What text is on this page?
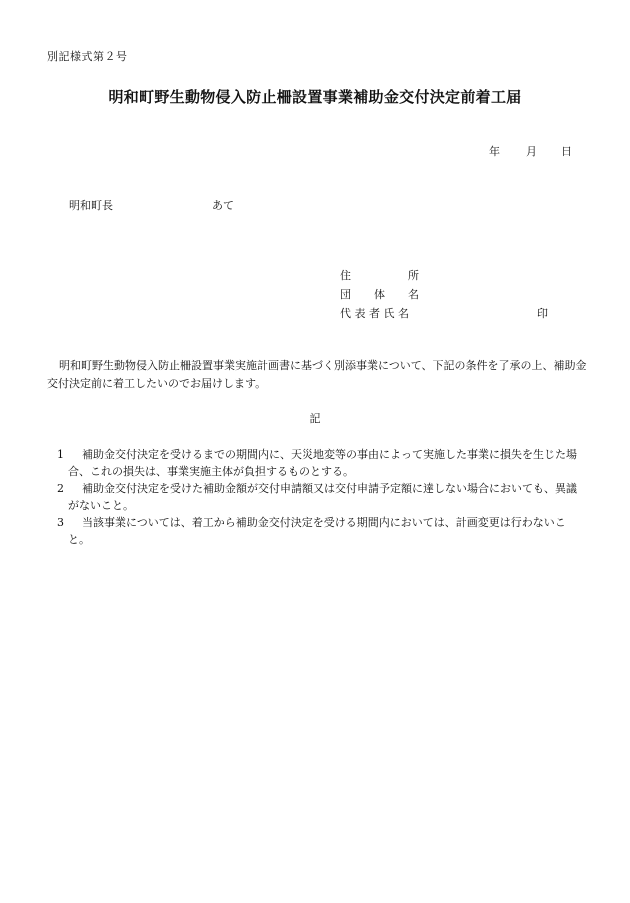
別記様式第２号
明和町野生動物侵入防止柵設置事業補助金交付決定前着工届
年 月 日
明和町長	あて
住	所
団 体 名
代 表 者 氏 名	印
明和町野生動物侵入防止柵設置事業実施計画書に基づく別添事業について、下記の条件を了承の上、補助金交付決定前に着工したいのでお届けします。
記
1	補助金交付決定を受けるまでの期間内に、天災地変等の事由によって実施した事業に損失を生じた場合、これの損失は、事業実施主体が負担するものとする。
2	補助金交付決定を受けた補助金額が交付申請額又は交付申請予定額に達しない場合においても、異議がないこと。
3	当該事業については、着工から補助金交付決定を受ける期間内においては、計画変更は行わないこと。
